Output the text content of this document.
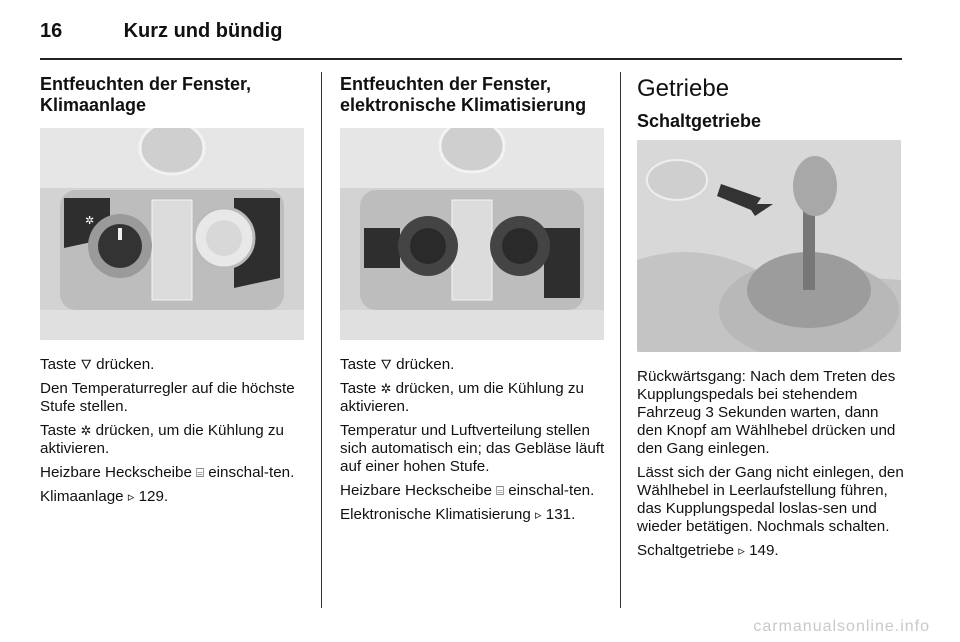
16	Kurz und bündig
Entfeuchten der Fenster, Klimaanlage
✲

Taste 🜄 drücken.

Den Temperaturregler auf die höchste Stufe stellen.

Taste ✲ drücken, um die Kühlung zu aktivieren.

Heizbare Heckscheibe ⌸ einschal-ten.

Klimaanlage ▹ 129.

Entfeuchten der Fenster, elektronische Klimatisierung

Taste 🜄 drücken.

Taste ✲ drücken, um die Kühlung zu aktivieren.

Temperatur und Luftverteilung stellen sich automatisch ein; das Gebläse läuft auf einer hohen Stufe.

Heizbare Heckscheibe ⌸ einschal-ten.

Elektronische Klimatisierung ▹ 131.

Getriebe
Schaltgetriebe

Rückwärtsgang: Nach dem Treten des Kupplungspedals bei stehendem Fahrzeug 3 Sekunden warten, dann den Knopf am Wählhebel drücken und den Gang einlegen.

Lässt sich der Gang nicht einlegen, den Wählhebel in Leerlaufstellung führen, das Kupplungspedal loslas-sen und wieder betätigen. Nochmals schalten.

Schaltgetriebe ▹ 149.

carmanualsonline.info
